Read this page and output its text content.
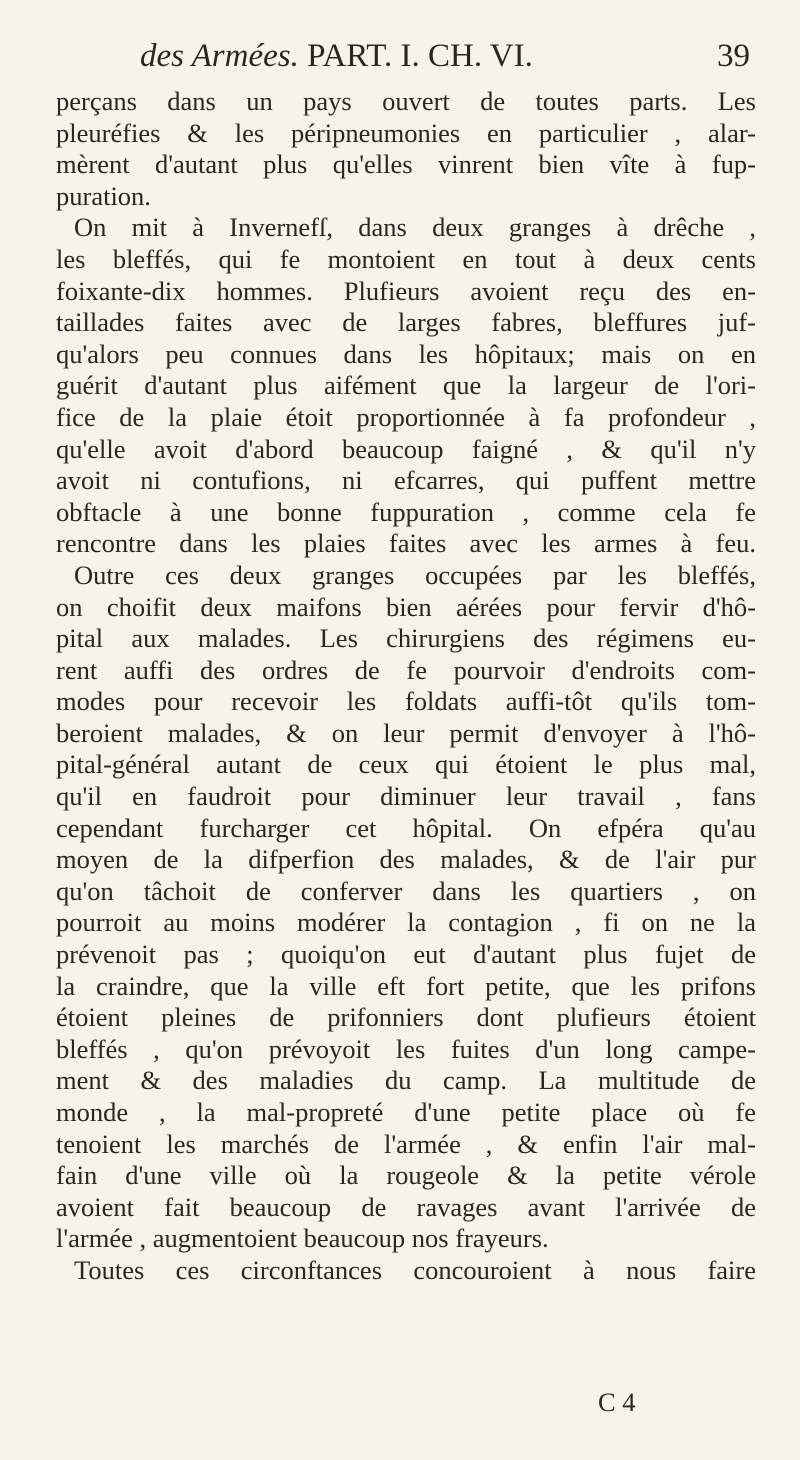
des Armées. PART. I. CH. VI.	39
perçans dans un pays ouvert de toutes parts. Les
pleuréfies & les péripneumonies en particulier , alar-
mèrent d'autant plus qu'elles vinrent bien vîte à fup-
puration.
On mit à Invernefſ, dans deux granges à drêche ,
les bleffés, qui fe montoient en tout à deux cents
foixante-dix hommes. Plufieurs avoient reçu des en-
taillades faites avec de larges fabres, bleffures juf-
qu'alors peu connues dans les hôpitaux; mais on en
guérit d'autant plus aifément que la largeur de l'ori-
fice de la plaie étoit proportionnée à fa profondeur ,
qu'elle avoit d'abord beaucoup faigné , & qu'il n'y
avoit ni contufions, ni efcarres, qui puffent mettre
obftacle à une bonne fuppuration , comme cela fe
rencontre dans les plaies faites avec les armes à feu.
Outre ces deux granges occupées par les bleffés,
on choifit deux maifons bien aérées pour fervir d'hô-
pital aux malades. Les chirurgiens des régimens eu-
rent auffi des ordres de fe pourvoir d'endroits com-
modes pour recevoir les foldats auffi-tôt qu'ils tom-
beroient malades, & on leur permit d'envoyer à l'hô-
pital-général autant de ceux qui étoient le plus mal,
qu'il en faudroit pour diminuer leur travail , fans
cependant furcharger cet hôpital. On efpéra qu'au
moyen de la difperfion des malades, & de l'air pur
qu'on tâchoit de conferver dans les quartiers , on
pourroit au moins modérer la contagion , fi on ne la
prévenoit pas ; quoiqu'on eut d'autant plus fujet de
la craindre, que la ville eft fort petite, que les prifons
étoient pleines de prifonniers dont plufieurs étoient
bleffés , qu'on prévoyoit les fuites d'un long campe-
ment & des maladies du camp. La multitude de
monde , la mal-propreté d'une petite place où fe
tenoient les marchés de l'armée , & enfin l'air mal-
fain d'une ville où la rougeole & la petite vérole
avoient fait beaucoup de ravages avant l'arrivée de
l'armée , augmentoient beaucoup nos frayeurs.
Toutes ces circonftances concouroient à nous faire
C 4
